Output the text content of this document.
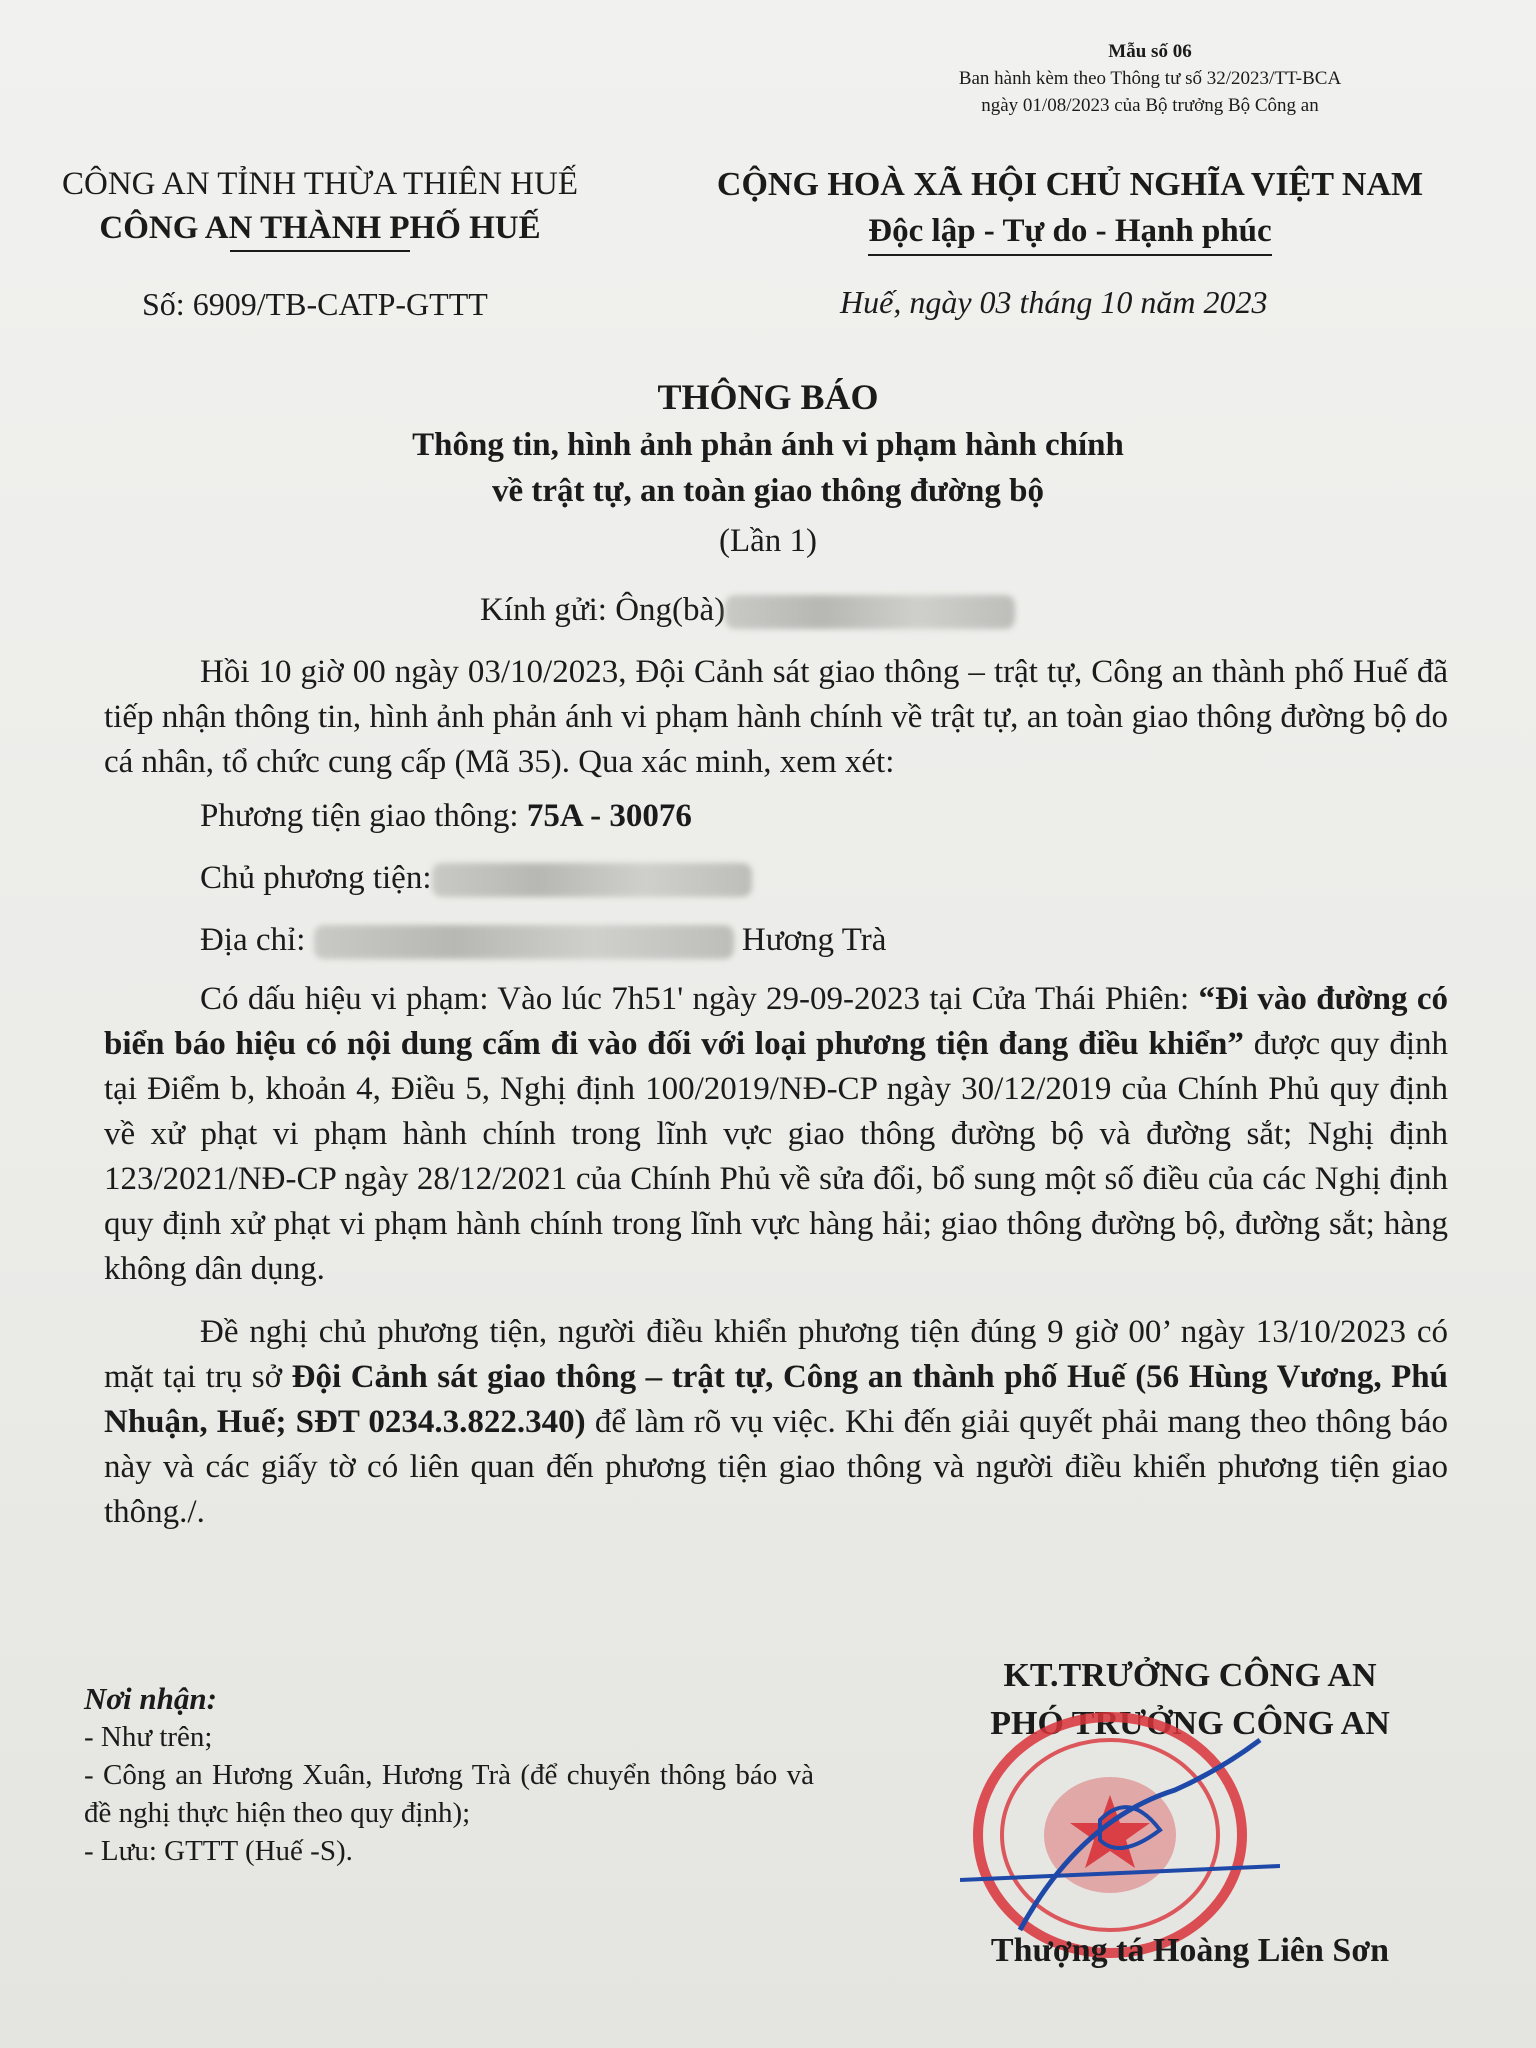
Mẫu số 06
Ban hành kèm theo Thông tư số 32/2023/TT-BCA
ngày 01/08/2023 của Bộ trưởng Bộ Công an
CÔNG AN TỈNH THỪA THIÊN HUẾ
CÔNG AN THÀNH PHỐ HUẾ
CỘNG HOÀ XÃ HỘI CHỦ NGHĨA VIỆT NAM
Độc lập - Tự do - Hạnh phúc
Số: 6909/TB-CATP-GTTT	Huế, ngày 03 tháng 10 năm 2023
THÔNG BÁO
Thông tin, hình ảnh phản ánh vi phạm hành chính
về trật tự, an toàn giao thông đường bộ
(Lần 1)
Kính gửi: Ông(bà)

Hồi 10 giờ 00 ngày 03/10/2023, Đội Cảnh sát giao thông – trật tự, Công an thành phố Huế đã tiếp nhận thông tin, hình ảnh phản ánh vi phạm hành chính về trật tự, an toàn giao thông đường bộ do cá nhân, tổ chức cung cấp (Mã 35). Qua xác minh, xem xét:

Phương tiện giao thông: 75A - 30076

Chủ phương tiện:

Địa chỉ:	Hương Trà

Có dấu hiệu vi phạm: Vào lúc 7h51' ngày 29-09-2023 tại Cửa Thái Phiên: “Đi vào đường có biển báo hiệu có nội dung cấm đi vào đối với loại phương tiện đang điều khiển” được quy định tại Điểm b, khoản 4, Điều 5, Nghị định 100/2019/NĐ-CP ngày 30/12/2019 của Chính Phủ quy định về xử phạt vi phạm hành chính trong lĩnh vực giao thông đường bộ và đường sắt; Nghị định 123/2021/NĐ-CP ngày 28/12/2021 của Chính Phủ về sửa đổi, bổ sung một số điều của các Nghị định quy định xử phạt vi phạm hành chính trong lĩnh vực hàng hải; giao thông đường bộ, đường sắt; hàng không dân dụng.

Đề nghị chủ phương tiện, người điều khiển phương tiện đúng 9 giờ 00’ ngày 13/10/2023 có mặt tại trụ sở Đội Cảnh sát giao thông – trật tự, Công an thành phố Huế (56 Hùng Vương, Phú Nhuận, Huế; SĐT 0234.3.822.340) để làm rõ vụ việc. Khi đến giải quyết phải mang theo thông báo này và các giấy tờ có liên quan đến phương tiện giao thông và người điều khiển phương tiện giao thông./.

Nơi nhận:
- Như trên;
- Công an Hương Xuân, Hương Trà (để chuyển thông báo và đề nghị thực hiện theo quy định);
- Lưu: GTTT (Huế -S).
KT.TRƯỞNG CÔNG AN
PHÓ TRƯỞNG CÔNG AN
Thượng tá Hoàng Liên Sơn
